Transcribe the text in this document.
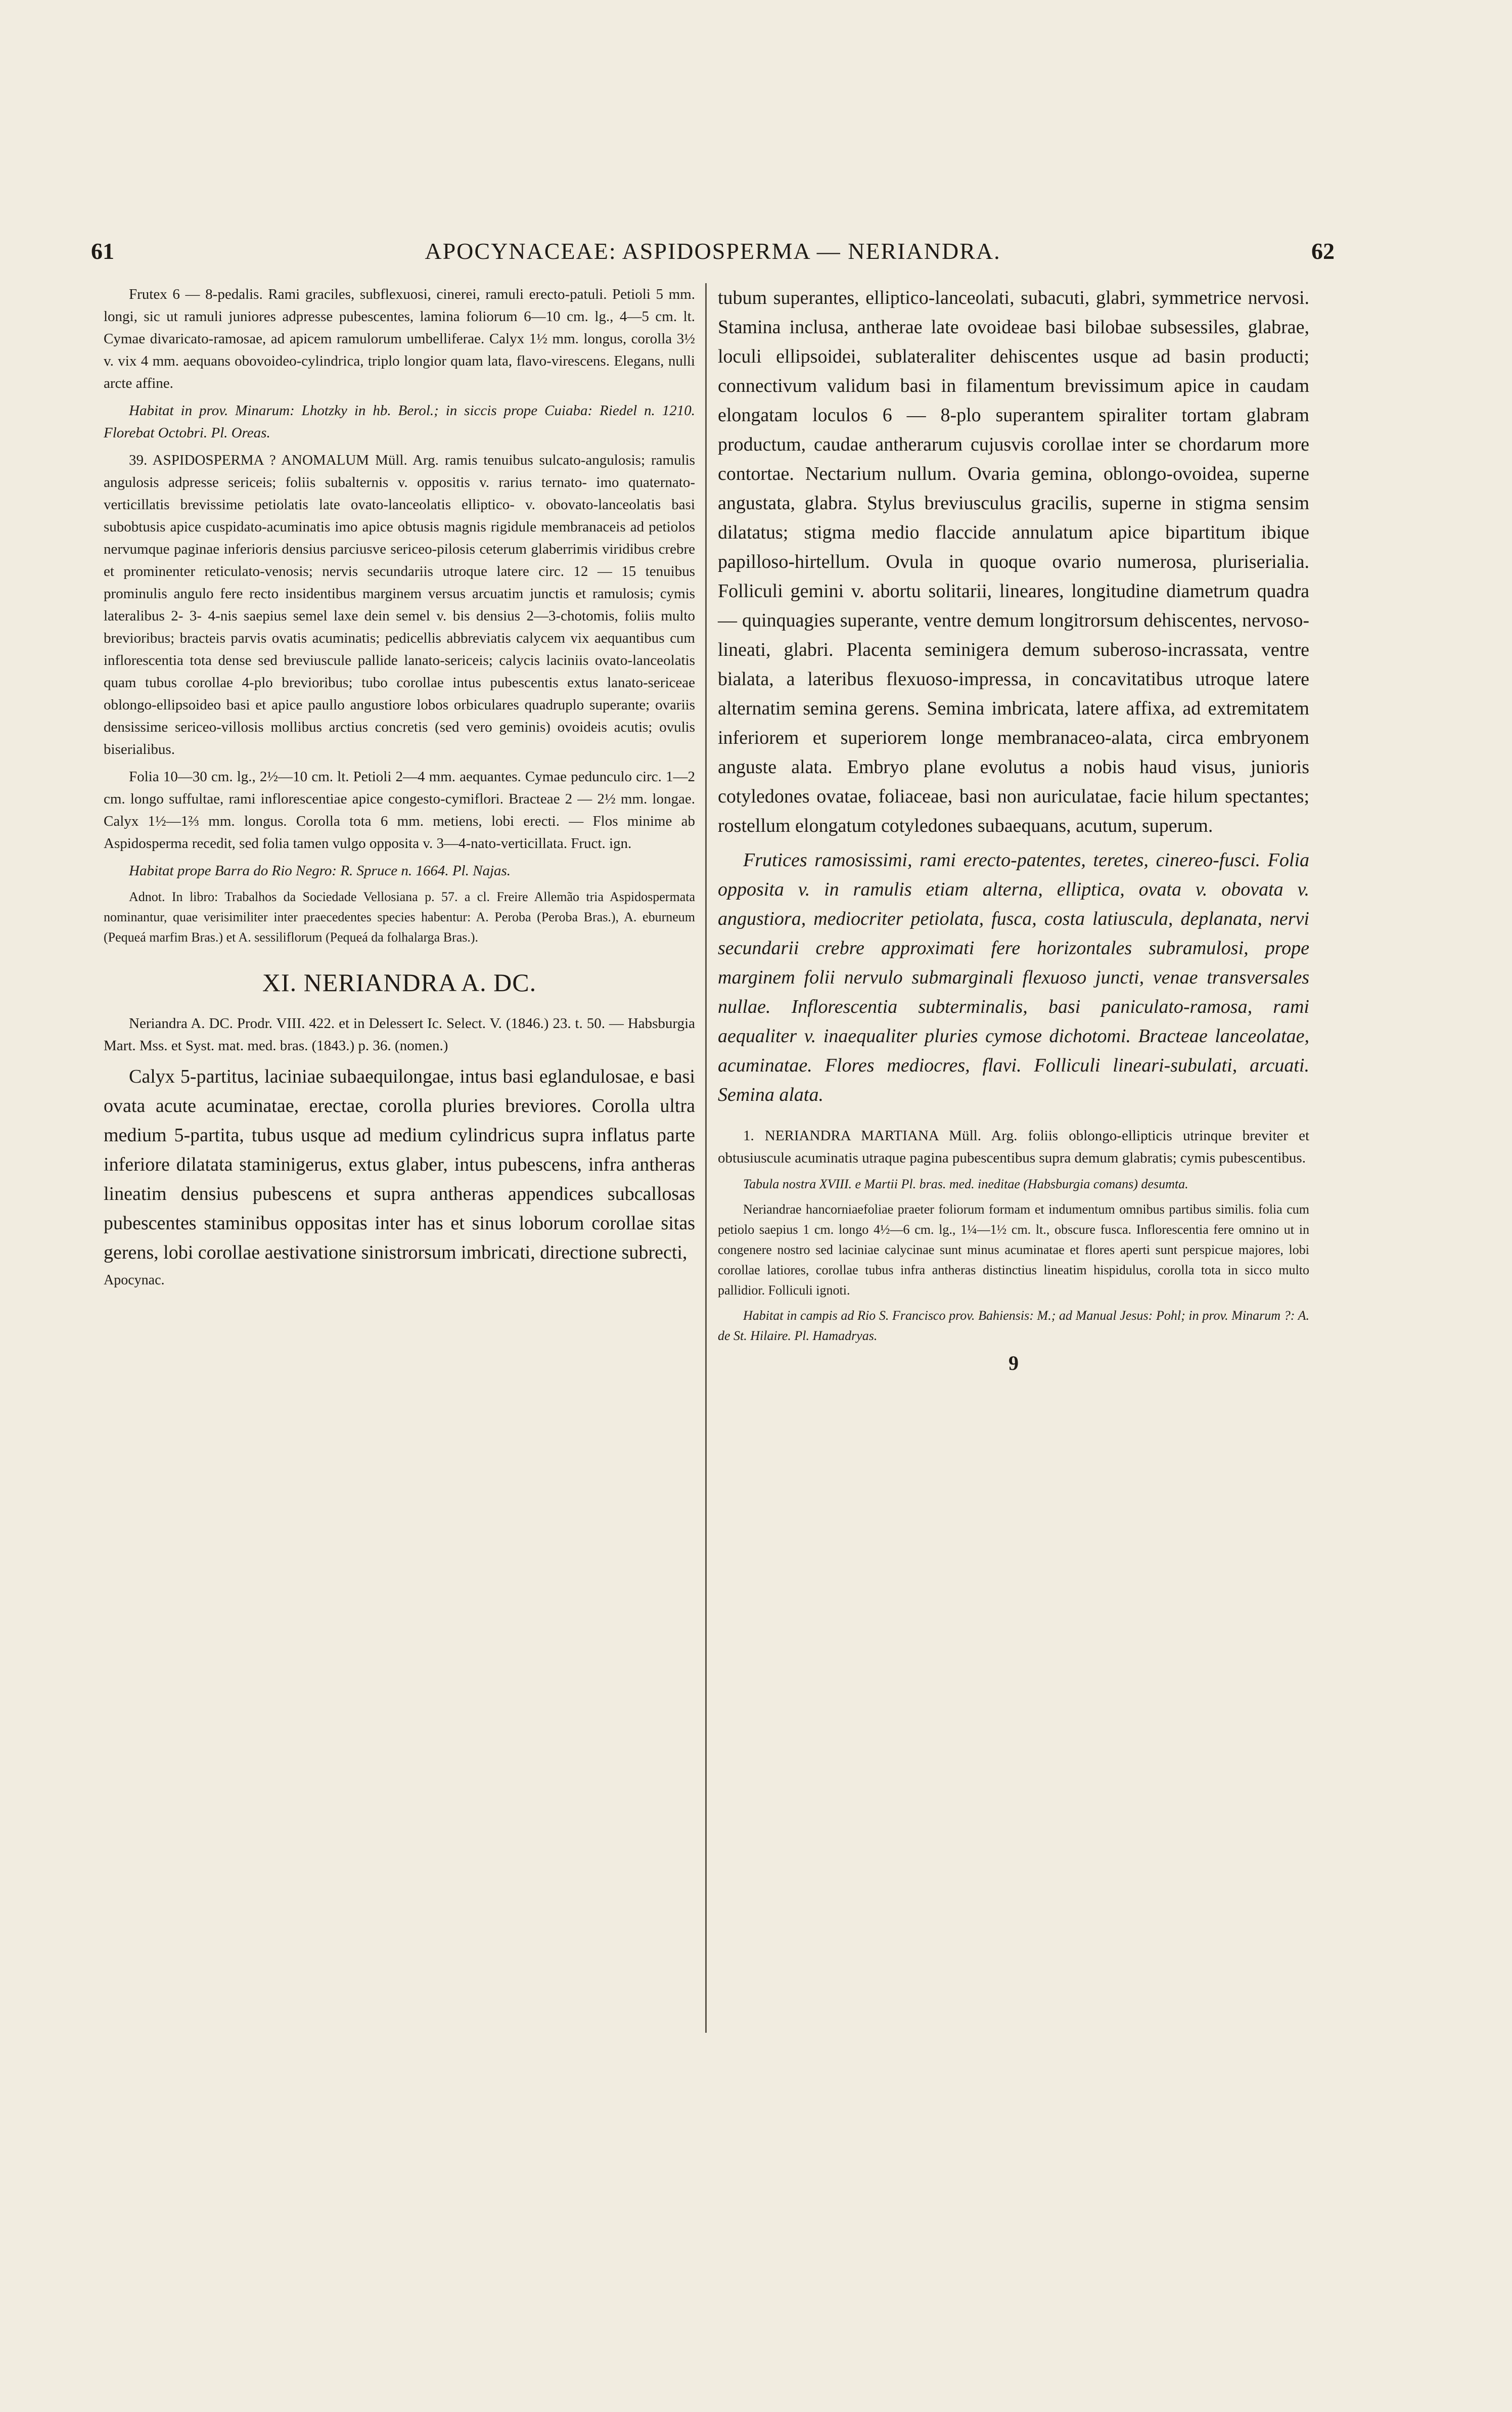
61	APOCYNACEAE: ASPIDOSPERMA — NERIANDRA.	62

Frutex 6 — 8-pedalis. Rami graciles, subflexuosi, cinerei, ramuli erecto-patuli. Petioli 5 mm. longi, sic ut ramuli juniores adpresse pubescentes, lamina foliorum 6—10 cm. lg., 4—5 cm. lt. Cymae divaricato-ramosae, ad apicem ramulorum umbelliferae. Calyx 1½ mm. longus, corolla 3½ v. vix 4 mm. aequans obovoideo-cylindrica, triplo longior quam lata, flavo-virescens. Elegans, nulli arcte affine.

Habitat in prov. Minarum: Lhotzky in hb. Berol.; in siccis prope Cuiaba: Riedel n. 1210. Florebat Octobri. Pl. Oreas.

39. ASPIDOSPERMA ? ANOMALUM Müll. Arg. ramis tenuibus sulcato-angulosis; ramulis angulosis adpresse sericeis; foliis subalternis v. oppositis v. rarius ternato- imo quaternato-verticillatis brevissime petiolatis late ovato-lanceolatis elliptico- v. obovato-lanceolatis basi subobtusis apice cuspidato-acuminatis imo apice obtusis magnis rigidule membranaceis ad petiolos nervumque paginae inferioris densius parciusve sericeo-pilosis ceterum glaberrimis viridibus crebre et prominenter reticulato-venosis; nervis secundariis utroque latere circ. 12 — 15 tenuibus prominulis angulo fere recto insidentibus marginem versus arcuatim junctis et ramulosis; cymis lateralibus 2- 3- 4-nis saepius semel laxe dein semel v. bis densius 2—3-chotomis, foliis multo brevioribus; bracteis parvis ovatis acuminatis; pedicellis abbreviatis calycem vix aequantibus cum inflorescentia tota dense sed breviuscule pallide lanato-sericeis; calycis laciniis ovato-lanceolatis quam tubus corollae 4-plo brevioribus; tubo corollae intus pubescentis extus lanato-sericeae oblongo-ellipsoideo basi et apice paullo angustiore lobos orbiculares quadruplo superante; ovariis densissime sericeo-villosis mollibus arctius concretis (sed vero geminis) ovoideis acutis; ovulis biserialibus.

Folia 10—30 cm. lg., 2½—10 cm. lt. Petioli 2—4 mm. aequantes. Cymae pedunculo circ. 1—2 cm. longo suffultae, rami inflorescentiae apice congesto-cymiflori. Bracteae 2 — 2½ mm. longae. Calyx 1½—1⅔ mm. longus. Corolla tota 6 mm. metiens, lobi erecti. — Flos minime ab Aspidosperma recedit, sed folia tamen vulgo opposita v. 3—4-nato-verticillata. Fruct. ign.

Habitat prope Barra do Rio Negro: R. Spruce n. 1664. Pl. Najas.

Adnot. In libro: Trabalhos da Sociedade Vellosiana p. 57. a cl. Freire Allemão tria Aspidospermata nominantur, quae verisimiliter inter praecedentes species habentur: A. Peroba (Peroba Bras.), A. eburneum (Pequeá marfim Bras.) et A. sessiliflorum (Pequeá da folhalarga Bras.).

XI. NERIANDRA A. DC.

Neriandra A. DC. Prodr. VIII. 422. et in Delessert Ic. Select. V. (1846.) 23. t. 50. — Habsburgia Mart. Mss. et Syst. mat. med. bras. (1843.) p. 36. (nomen.)

Calyx 5-partitus, laciniae subaequilongae, intus basi eglandulosae, e basi ovata acute acuminatae, erectae, corolla pluries breviores. Corolla ultra medium 5-partita, tubus usque ad medium cylindricus supra inflatus parte inferiore dilatata staminigerus, extus glaber, intus pubescens, infra antheras lineatim densius pubescens et supra antheras appendices subcallosas pubescentes staminibus oppositas inter has et sinus loborum corollae sitas gerens, lobi corollae aestivatione sinistrorsum imbricati, directione subrecti,

Apocynac.

tubum superantes, elliptico-lanceolati, subacuti, glabri, symmetrice nervosi. Stamina inclusa, antherae late ovoideae basi bilobae subsessiles, glabrae, loculi ellipsoidei, sublateraliter dehiscentes usque ad basin producti; connectivum validum basi in filamentum brevissimum apice in caudam elongatam loculos 6 — 8-plo superantem spiraliter tortam glabram productum, caudae antherarum cujusvis corollae inter se chordarum more contortae. Nectarium nullum. Ovaria gemina, oblongo-ovoidea, superne angustata, glabra. Stylus breviusculus gracilis, superne in stigma sensim dilatatus; stigma medio flaccide annulatum apice bipartitum ibique papilloso-hirtellum. Ovula in quoque ovario numerosa, pluriserialia. Folliculi gemini v. abortu solitarii, lineares, longitudine diametrum quadra — quinquagies superante, ventre demum longitrorsum dehiscentes, nervoso-lineati, glabri. Placenta seminigera demum suberoso-incrassata, ventre bialata, a lateribus flexuoso-impressa, in concavitatibus utroque latere alternatim semina gerens. Semina imbricata, latere affixa, ad extremitatem inferiorem et superiorem longe membranaceo-alata, circa embryonem anguste alata. Embryo plane evolutus a nobis haud visus, junioris cotyledones ovatae, foliaceae, basi non auriculatae, facie hilum spectantes; rostellum elongatum cotyledones subaequans, acutum, superum.

Frutices ramosissimi, rami erecto-patentes, teretes, cinereo-fusci. Folia opposita v. in ramulis etiam alterna, elliptica, ovata v. obovata v. angustiora, mediocriter petiolata, fusca, costa latiuscula, deplanata, nervi secundarii crebre approximati fere horizontales subramulosi, prope marginem folii nervulo submarginali flexuoso juncti, venae transversales nullae. Inflorescentia subterminalis, basi paniculato-ramosa, rami aequaliter v. inaequaliter pluries cymose dichotomi. Bracteae lanceolatae, acuminatae. Flores mediocres, flavi. Folliculi lineari-subulati, arcuati. Semina alata.

1. NERIANDRA MARTIANA Müll. Arg. foliis oblongo-ellipticis utrinque breviter et obtusiuscule acuminatis utraque pagina pubescentibus supra demum glabratis; cymis pubescentibus.

Tabula nostra XVIII. e Martii Pl. bras. med. ineditae (Habsburgia comans) desumta.

Neriandrae hancorniaefoliae praeter foliorum formam et indumentum omnibus partibus similis. folia cum petiolo saepius 1 cm. longo 4½—6 cm. lg., 1¼—1½ cm. lt., obscure fusca. Inflorescentia fere omnino ut in congenere nostro sed laciniae calycinae sunt minus acuminatae et flores aperti sunt perspicue majores, lobi corollae latiores, corollae tubus infra antheras distinctius lineatim hispidulus, corolla tota in sicco multo pallidior. Folliculi ignoti.

Habitat in campis ad Rio S. Francisco prov. Bahiensis: M.; ad Manual Jesus: Pohl; in prov. Minarum ?: A. de St. Hilaire. Pl. Hamadryas.

9
